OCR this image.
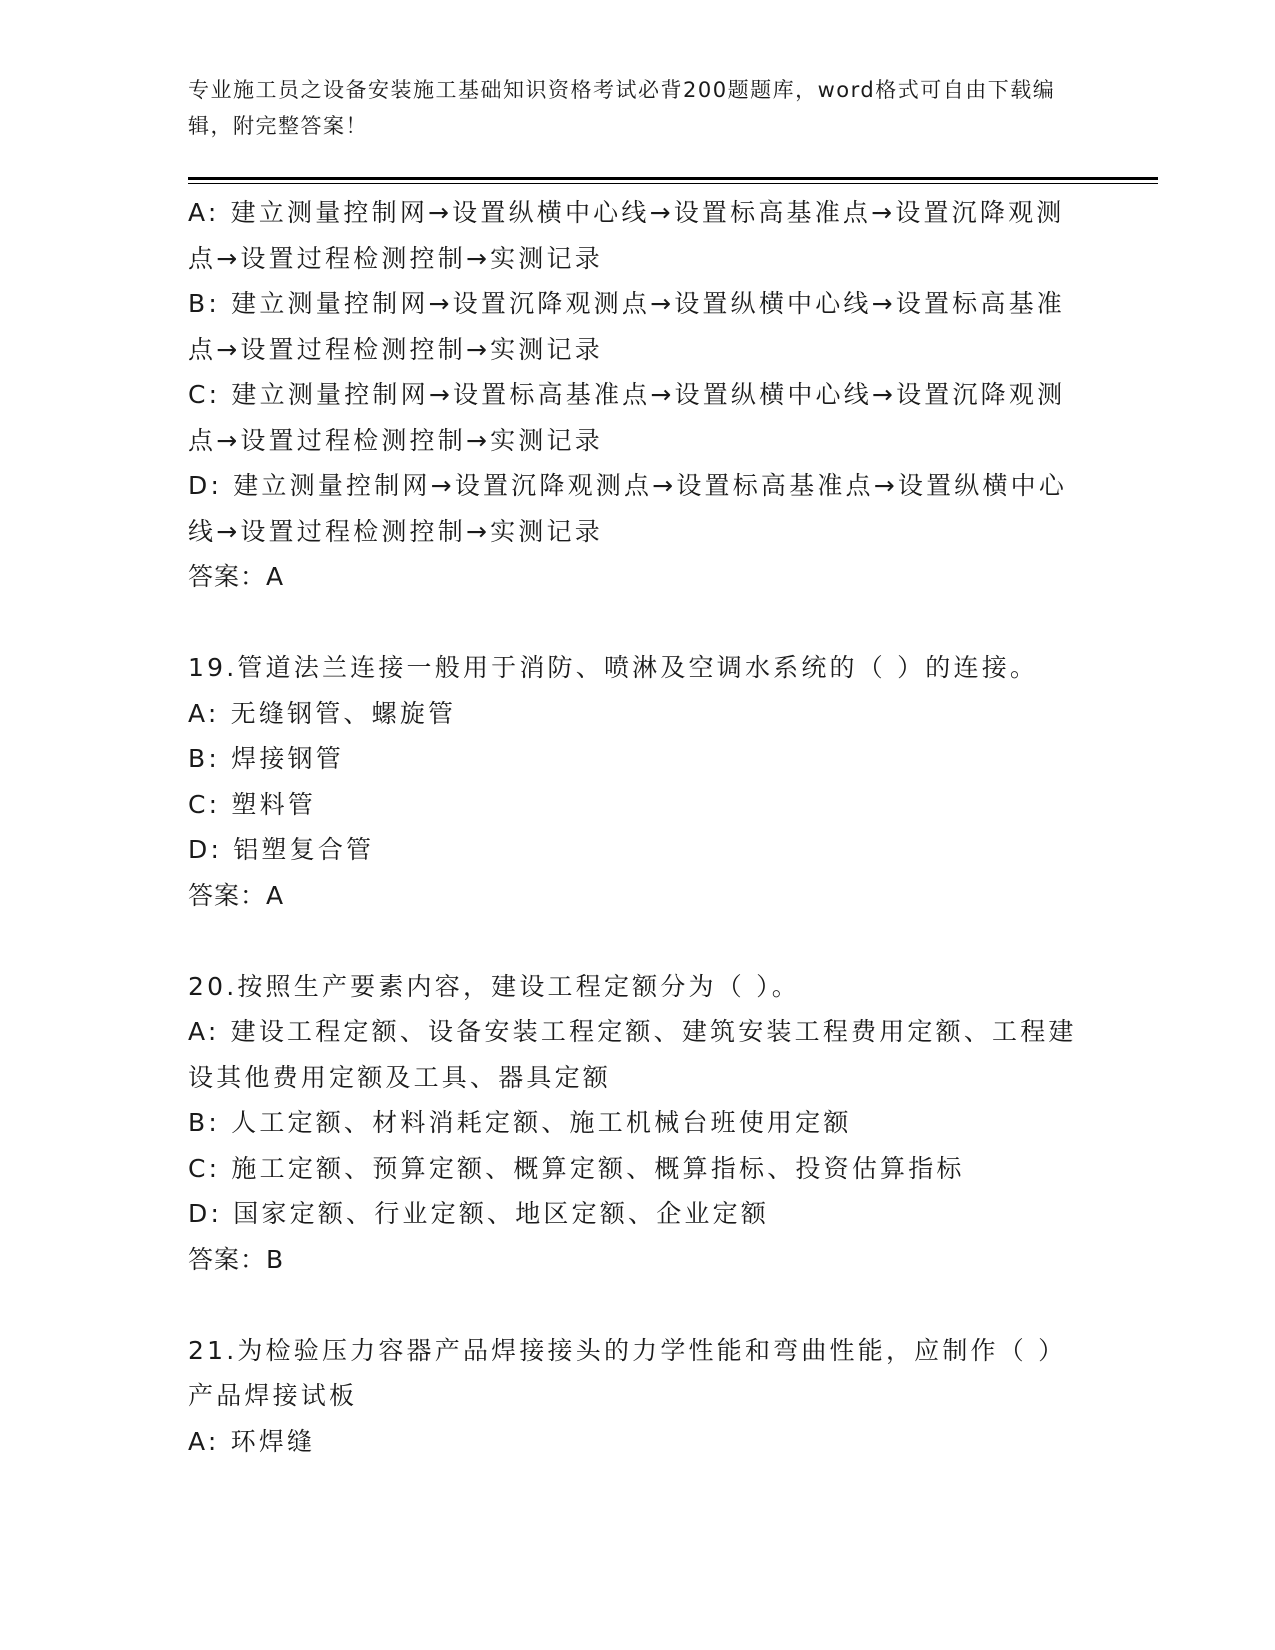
专业施工员之设备安装施工基础知识资格考试必背200题题库，word格式可自由下载编辑，附完整答案！

A: 建立测量控制网→设置纵横中心线→设置标高基准点→设置沉降观测点→设置过程检测控制→实测记录

B: 建立测量控制网→设置沉降观测点→设置纵横中心线→设置标高基准点→设置过程检测控制→实测记录

C: 建立测量控制网→设置标高基准点→设置纵横中心线→设置沉降观测点→设置过程检测控制→实测记录

D: 建立测量控制网→设置沉降观测点→设置标高基准点→设置纵横中心线→设置过程检测控制→实测记录

答案：A

19.管道法兰连接一般用于消防、喷淋及空调水系统的（ ）的连接。

A: 无缝钢管、螺旋管

B: 焊接钢管

C: 塑料管

D: 铝塑复合管

答案：A

20.按照生产要素内容，建设工程定额分为（ ）。

A: 建设工程定额、设备安装工程定额、建筑安装工程费用定额、工程建设其他费用定额及工具、器具定额

B: 人工定额、材料消耗定额、施工机械台班使用定额

C: 施工定额、预算定额、概算定额、概算指标、投资估算指标

D: 国家定额、行业定额、地区定额、企业定额

答案：B

21.为检验压力容器产品焊接接头的力学性能和弯曲性能，应制作（ ）产品焊接试板

A: 环焊缝
